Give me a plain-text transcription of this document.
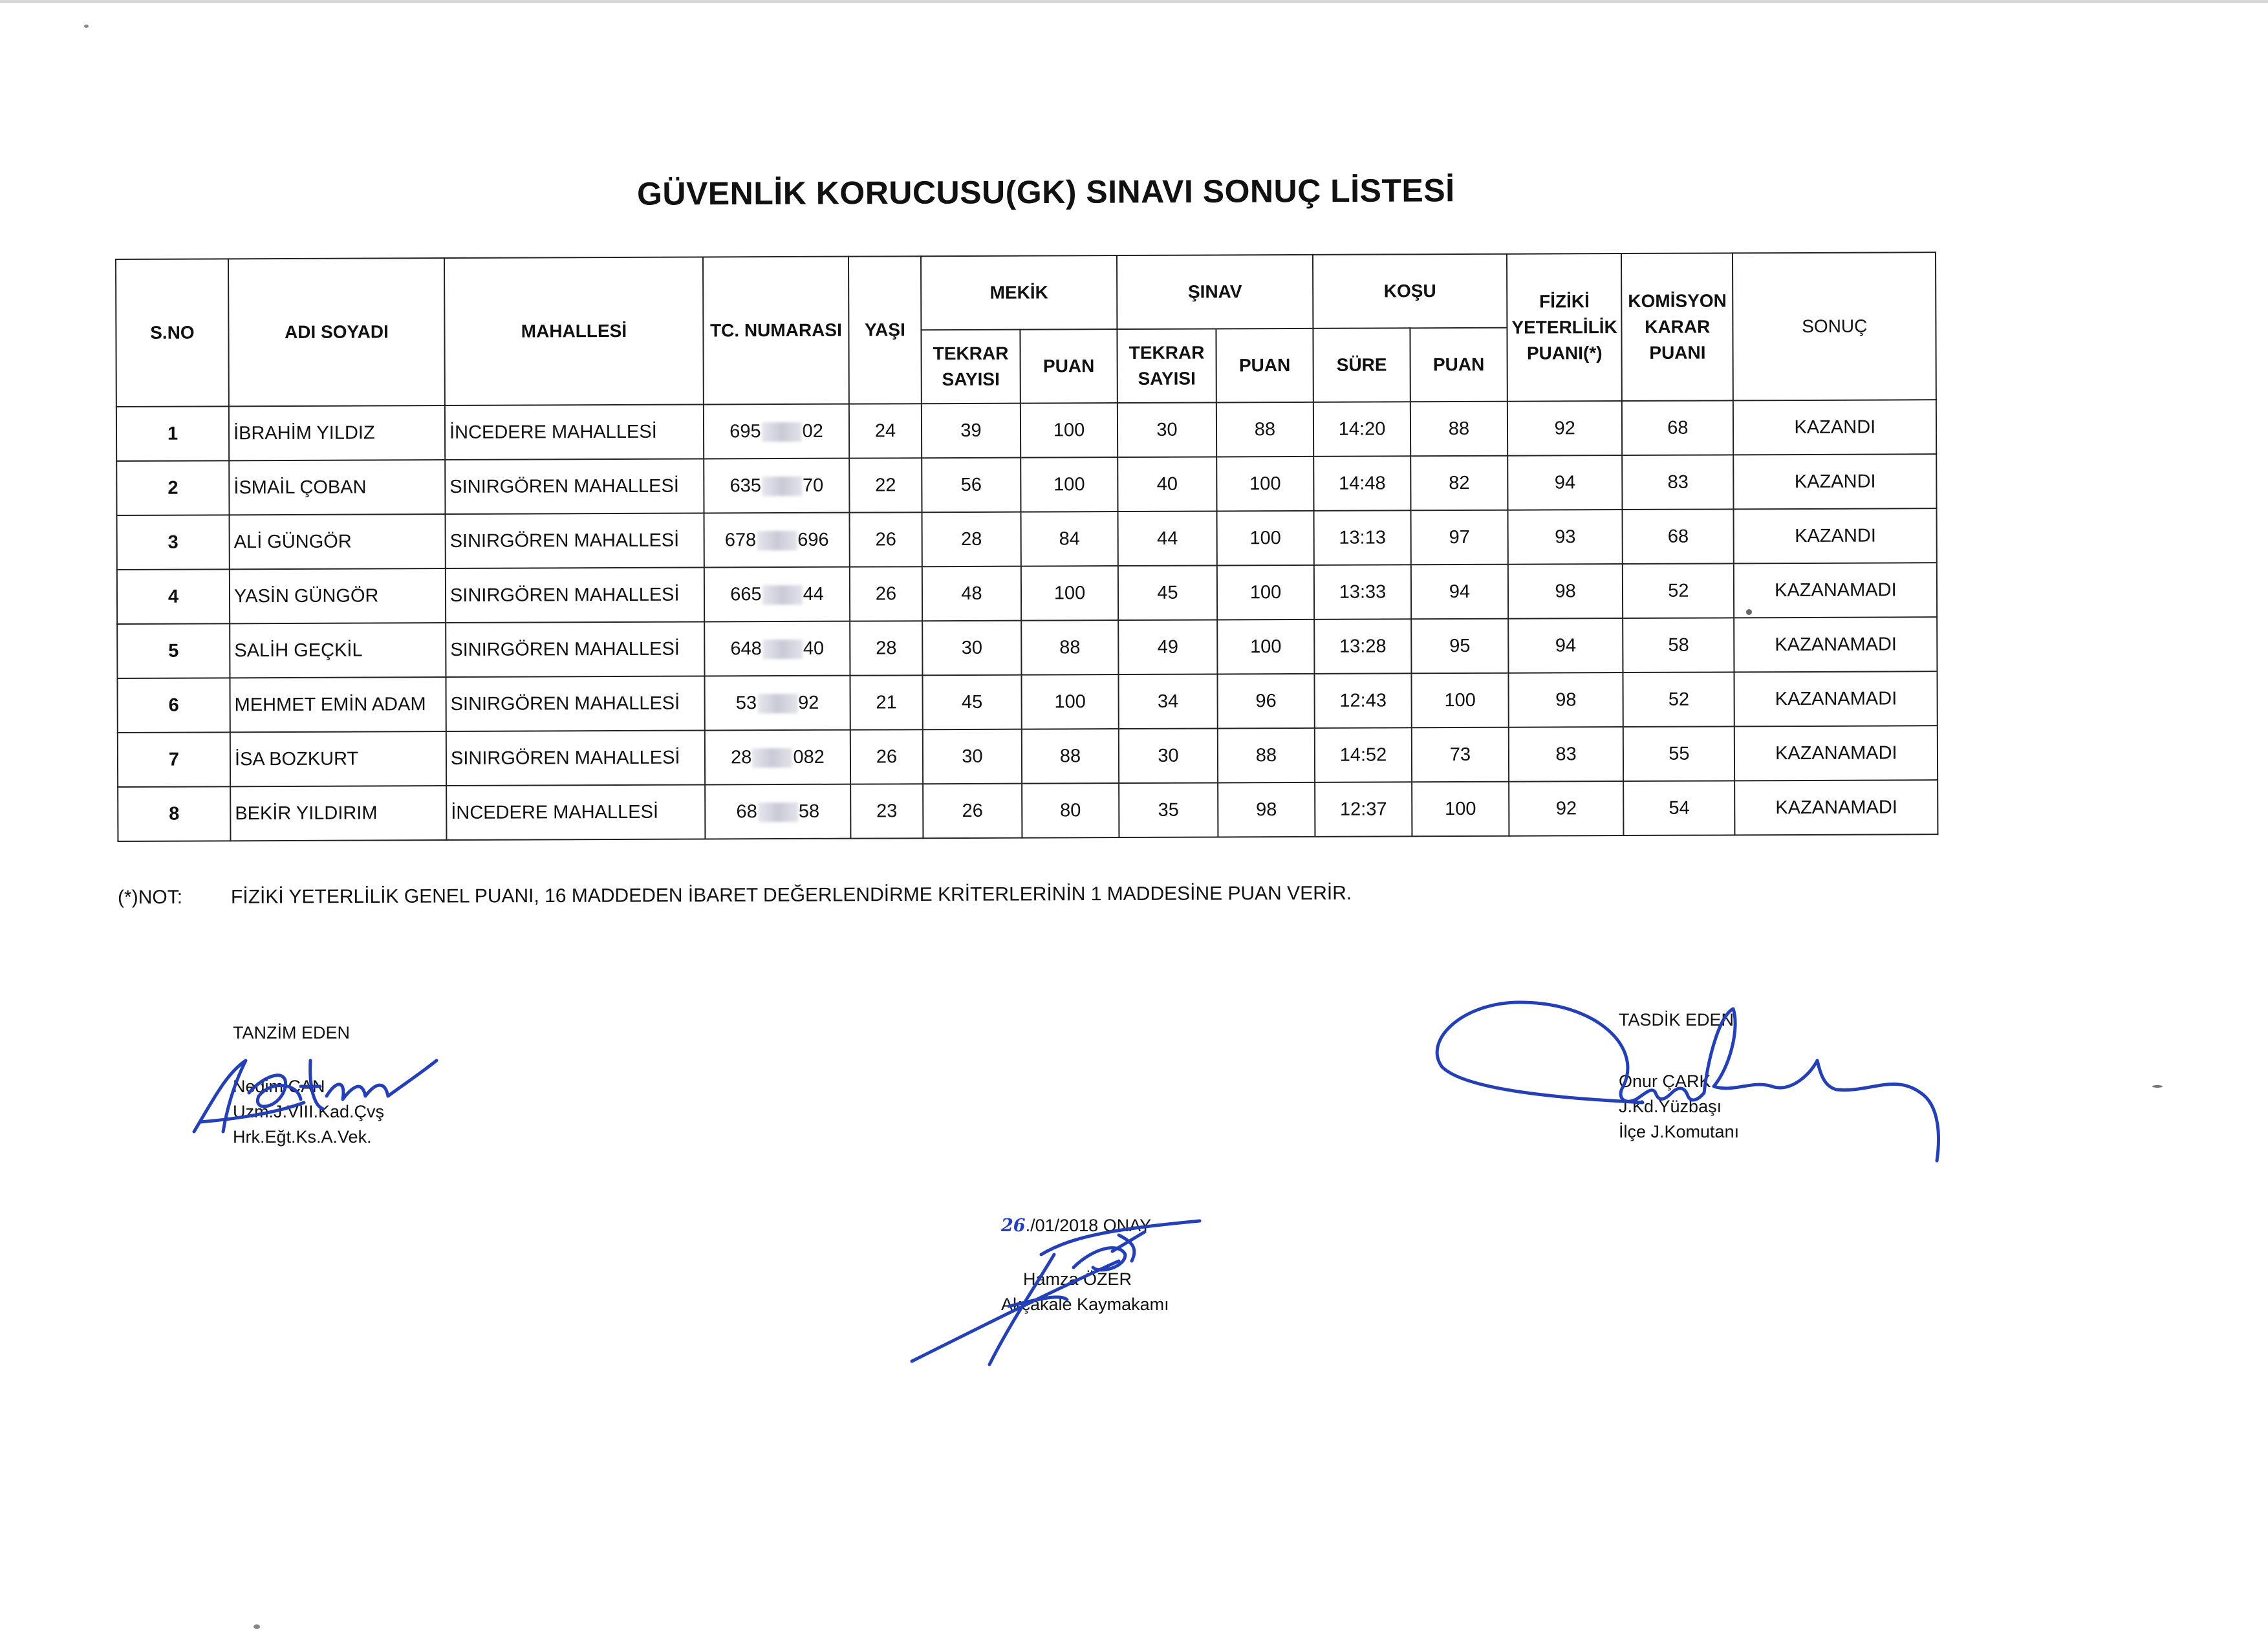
GÜVENLİK KORUCUSU(GK) SINAVI SONUÇ LİSTESİ
S.NO	ADI SOYADI	MAHALLESİ	TC. NUMARASI	YAŞI	MEKİK		ŞINAV		KOŞU		FİZİKİ YETERLİLİK PUANI(*)	KOMİSYON KARAR PUANI	SONUÇ
					TEKRAR SAYISI	PUAN	TEKRAR SAYISI	PUAN	SÜRE	PUAN			
1	İBRAHİM YILDIZ	İNCEDERE MAHALLESİ	695 02	24	39	100	30	88	14:20	88	92	68	KAZANDI
2	İSMAİL ÇOBAN	SINIRGÖREN MAHALLESİ	635 70	22	56	100	40	100	14:48	82	94	83	KAZANDI
3	ALİ GÜNGÖR	SINIRGÖREN MAHALLESİ	678 696	26	28	84	44	100	13:13	97	93	68	KAZANDI
4	YASİN GÜNGÖR	SINIRGÖREN MAHALLESİ	665 44	26	48	100	45	100	13:33	94	98	52	KAZANAMADI
5	SALİH GEÇKİL	SINIRGÖREN MAHALLESİ	648 40	28	30	88	49	100	13:28	95	94	58	KAZANAMADI
6	MEHMET EMİN ADAM	SINIRGÖREN MAHALLESİ	53 92	21	45	100	34	96	12:43	100	98	52	KAZANAMADI
7	İSA BOZKURT	SINIRGÖREN MAHALLESİ	28 082	26	30	88	30	88	14:52	73	83	55	KAZANAMADI
8	BEKİR YILDIRIM	İNCEDERE MAHALLESİ	68 58	23	26	80	35	98	12:37	100	92	54	KAZANAMADI
(*)NOT: FİZİKİ YETERLİLİK GENEL PUANI, 16 MADDEDEN İBARET DEĞERLENDİRME KRİTERLERİNİN 1 MADDESİNE PUAN VERİR.
TANZİM EDEN
Nedim CAN
Uzm.J.VIII.Kad.Çvş
Hrk.Eğt.Ks.A.Vek.
TASDİK EDEN
Onur ÇARK
J.Kd.Yüzbaşı
İlçe J.Komutanı
26./01/2018 ONAY
Hamza ÖZER
Akçakale Kaymakamı
